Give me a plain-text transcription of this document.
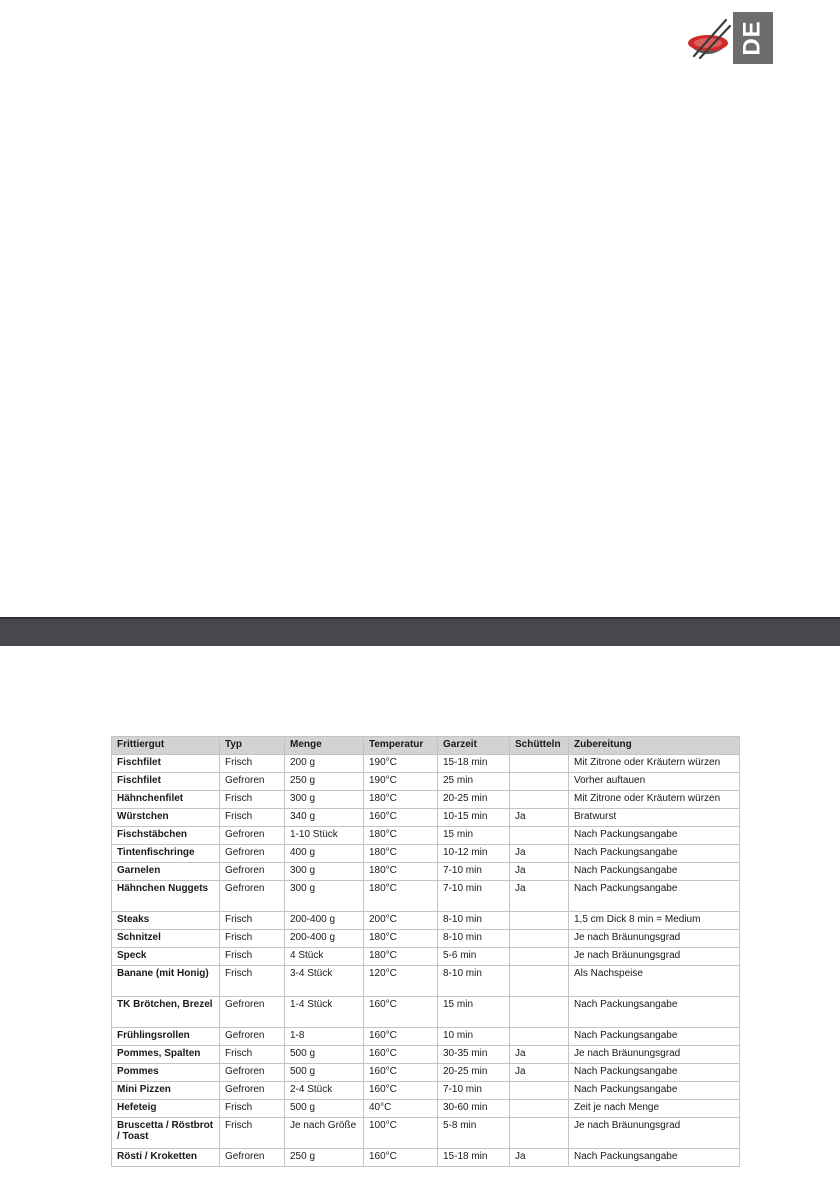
DE
Frittiergut	Typ	Menge	Temperatur	Garzeit	Schütteln	Zubereitung
Fischfilet	Frisch	200 g	190°C	15-18 min		Mit Zitrone oder Kräutern würzen
Fischfilet	Gefroren	250 g	190°C	25 min		Vorher auftauen
Hähnchenfilet	Frisch	300 g	180°C	20-25 min		Mit Zitrone oder Kräutern würzen
Würstchen	Frisch	340 g	160°C	10-15 min	Ja	Bratwurst
Fischstäbchen	Gefroren	1-10 Stück	180°C	15 min		Nach Packungsangabe
Tintenfischringe	Gefroren	400 g	180°C	10-12 min	Ja	Nach Packungsangabe
Garnelen	Gefroren	300 g	180°C	7-10 min	Ja	Nach Packungsangabe
Hähnchen Nuggets	Gefroren	300 g	180°C	7-10 min	Ja	Nach Packungsangabe
Steaks	Frisch	200-400 g	200°C	8-10 min		1,5 cm Dick 8 min = Medium
Schnitzel	Frisch	200-400 g	180°C	8-10 min		Je nach Bräunungsgrad
Speck	Frisch	4 Stück	180°C	5-6 min		Je nach Bräunungsgrad
Banane (mit Honig)	Frisch	3-4 Stück	120°C	8-10 min		Als Nachspeise
TK Brötchen, Brezel	Gefroren	1-4 Stück	160°C	15 min		Nach Packungsangabe
Frühlingsrollen	Gefroren	1-8	160°C	10 min		Nach Packungsangabe
Pommes, Spalten	Frisch	500 g	160°C	30-35 min	Ja	Je nach Bräunungsgrad
Pommes	Gefroren	500 g	160°C	20-25 min	Ja	Nach Packungsangabe
Mini Pizzen	Gefroren	2-4 Stück	160°C	7-10 min		Nach Packungsangabe
Hefeteig	Frisch	500 g	40°C	30-60 min		Zeit je nach Menge
Bruscetta / Röstbrot / Toast	Frisch	Je nach Größe	100°C	5-8 min		Je nach Bräunungsgrad
Rösti / Kroketten	Gefroren	250 g	160°C	15-18 min	Ja	Nach Packungsangabe
